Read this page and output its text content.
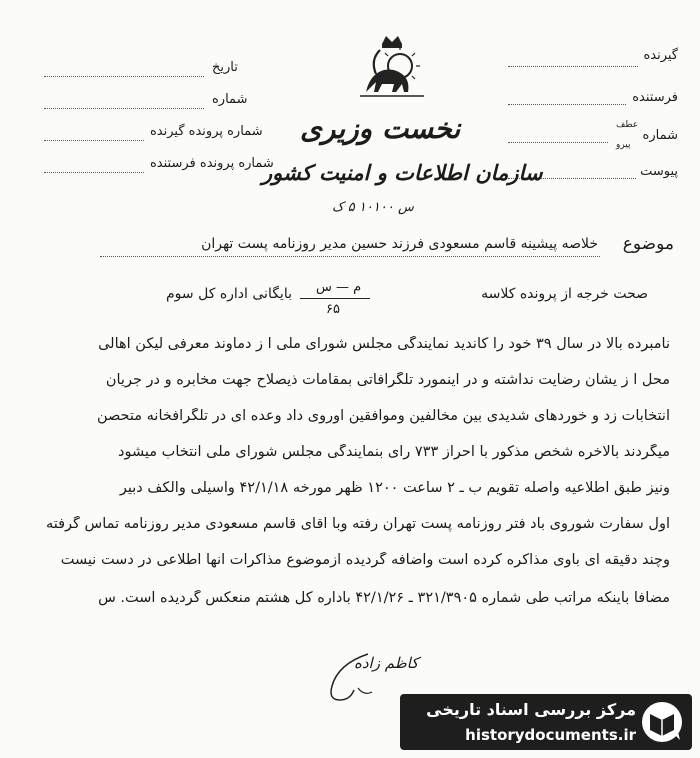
گیرنده
فرستنده
شماره
عطف
پیرو
پیوست
تاریخ
شماره
شماره پرونده گیرنده
شماره پرونده فرستنده
نخست وزیری
سازمان اطلاعات و امنیت کشور
س ۱۰۱۰۰ ۵ ک
موضوع
خلاصه پیشینه قاسم مسعودی فرزند حسین مدیر روزنامه پست تهران
صحت خرجه از پرونده کلاسه
م — س
۶۵
بایگانی اداره کل سوم
نامبرده بالا در سال ۳۹ خود را کاندید نمایندگی مجلس شورای ملی ا ز دماوند معرفی لیکن اهالی
محل ا ز یشان رضایت نداشته و در اینمورد تلگرافاتی بمقامات ذیصلاح جهت مخابره و در جریان
انتخابات زد و خوردهای شدیدی بین مخالفین وموافقین اوروی داد وعده ای در تلگرافخانه متحصن
میگردند بالاخره شخص مذکور با احراز ۷۳۳ رای بنمایندگی مجلس شورای ملی انتخاب میشود
ونیز طبق اطلاعیه واصله تقویم ب ـ ۲ ساعت ۱۲۰۰ ظهر مورخه ۴۲/۱/۱۸ واسیلی والکف دبیر
اول سفارت شوروی باد فتر روزنامه پست تهران رفته وبا آقای قاسم مسعودی مدیر روزنامه تماس گرفته
وچند دقیقه ای باوی مذاکره کرده است واضافه گردیده ازموضوع مذاکرات آنها اطلاعی در دست نیست
مضافا باینکه مراتب طی شماره ۳۲۱/۳۹۰۵ ـ ۴۲/۱/۲۶ باداره کل هشتم منعکس گردیده است. س
کاظم زاده
مرکز بررسی اسناد تاریخی
historydocuments.ir
